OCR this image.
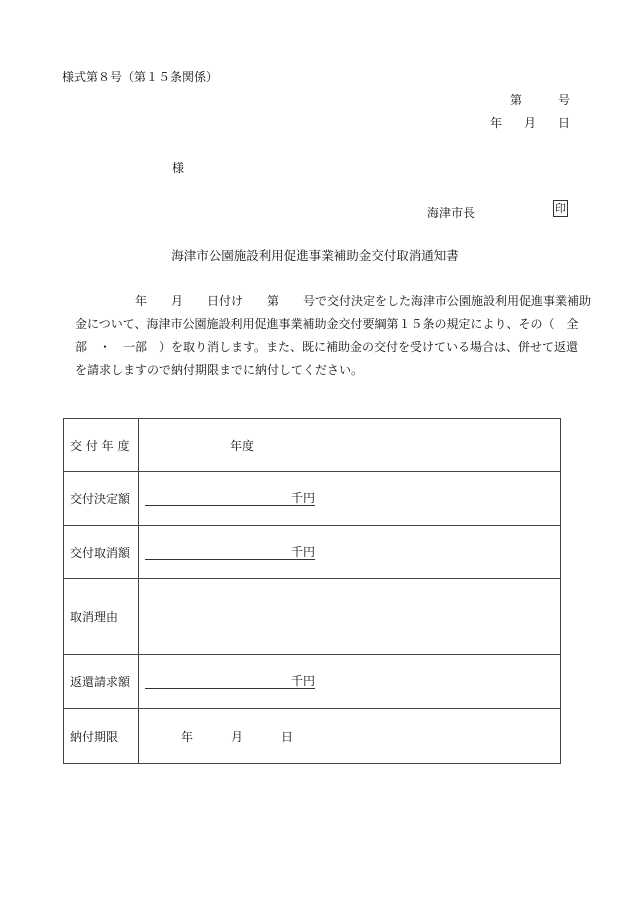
様式第８号（第１５条関係）
第	号
年 月 日
様
海津市長	印
海津市公園施設利用促進事業補助金交付取消通知書
　　　　　年　　月　　日付け　　第　　号で交付決定をした海津市公園施設利用促進事業補助
金について、海津市公園施設利用促進事業補助金交付要綱第１５条の規定により、その（　全
部　・　一部　）を取り消します。また、既に補助金の交付を受けている場合は、併せて返還
を請求しますので納付期限までに納付してください。
交 付 年 度	年度
交付決定額	千円
交付取消額	千円
取消理由	
返還請求額	千円
納付期限	年 月 日
